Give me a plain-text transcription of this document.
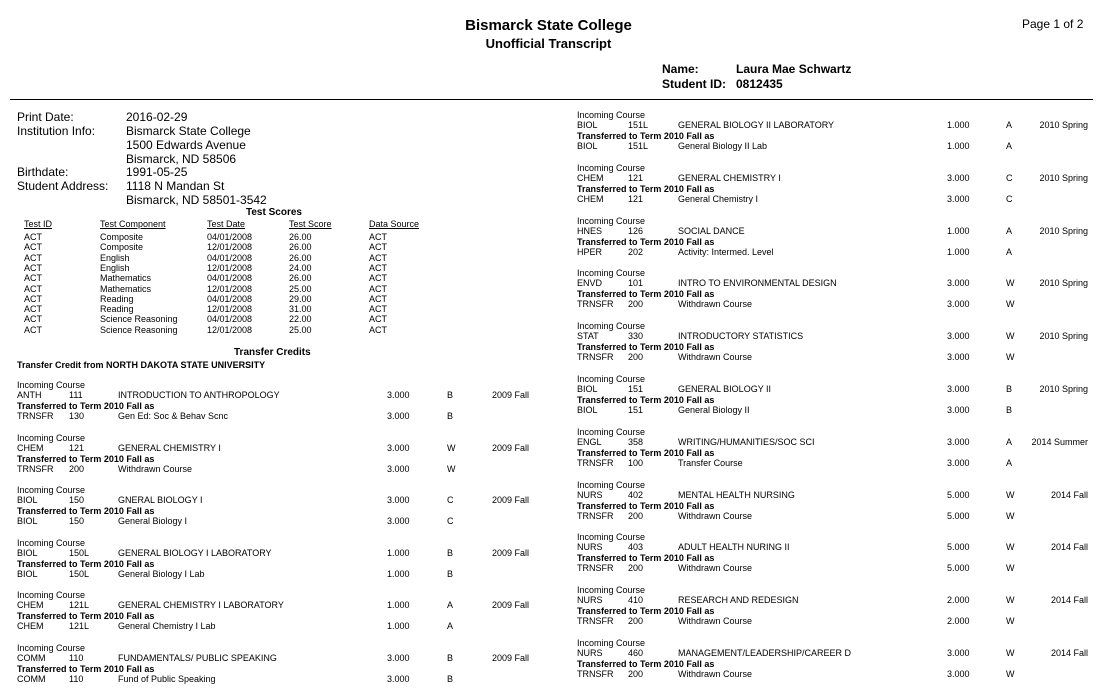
Bismarck State College
Unofficial Transcript
Page 1 of 2
Name:	Laura Mae Schwartz
Student ID: 0812435
Print Date:	2016-02-29
Institution Info:	Bismarck State College
1500 Edwards Avenue
Bismarck, ND 58506
Birthdate:	1991-05-25
Student Address: 1118 N Mandan St
Bismarck, ND 58501-3542
Test Scores
Test ID	Test Component	Test Date	Test Score	Data Source
ACT	Composite	04/01/2008	26.00	ACT
ACT	Composite	12/01/2008	26.00	ACT
ACT	English	04/01/2008	26.00	ACT
ACT	English	12/01/2008	24.00	ACT
ACT	Mathematics	04/01/2008	26.00	ACT
ACT	Mathematics	12/01/2008	25.00	ACT
ACT	Reading	04/01/2008	29.00	ACT
ACT	Reading	12/01/2008	31.00	ACT
ACT	Science Reasoning	04/01/2008	22.00	ACT
ACT	Science Reasoning	12/01/2008	25.00	ACT
Transfer Credits
Transfer Credit from NORTH DAKOTA STATE UNIVERSITY
Incoming Course
ANTH	111	INTRODUCTION TO ANTHROPOLOGY	3.000	B	2009 Fall
Transferred to Term 2010 Fall as
TRNSFR 130	Gen Ed: Soc & Behav Scnc	3.000	B
Incoming Course
CHEM	121	GENERAL CHEMISTRY I	3.000	W	2009 Fall
Transferred to Term 2010 Fall as
TRNSFR 200	Withdrawn Course	3.000	W
Incoming Course
BIOL	150	GNERAL BIOLOGY I	3.000	C	2009 Fall
Transferred to Term 2010 Fall as
BIOL	150	General Biology I	3.000	C
Incoming Course
BIOL	150L	GENERAL BIOLOGY I LABORATORY	1.000	B	2009 Fall
Transferred to Term 2010 Fall as
BIOL	150L	General Biology I Lab	1.000	B
Incoming Course
CHEM	121L	GENERAL CHEMISTRY I LABORATORY	1.000	A	2009 Fall
Transferred to Term 2010 Fall as
CHEM	121L	General Chemistry I Lab	1.000	A
Incoming Course
COMM	110	FUNDAMENTALS/ PUBLIC SPEAKING	3.000	B	2009 Fall
Transferred to Term 2010 Fall as
COMM	110	Fund of Public Speaking	3.000	B
Incoming Course
BIOL	151L	GENERAL BIOLOGY II LABORATORY	1.000	A	2010 Spring
Transferred to Term 2010 Fall as
BIOL	151L	General Biology II Lab	1.000	A
Incoming Course
CHEM	121	GENERAL CHEMISTRY I	3.000	C	2010 Spring
Transferred to Term 2010 Fall as
CHEM	121	General Chemistry I	3.000	C
Incoming Course
HNES	126	SOCIAL DANCE	1.000	A	2010 Spring
Transferred to Term 2010 Fall as
HPER	202	Activity: Intermed. Level	1.000	A
Incoming Course
ENVD	101	INTRO TO ENVIRONMENTAL DESIGN	3.000	W	2010 Spring
Transferred to Term 2010 Fall as
TRNSFR 200	Withdrawn Course	3.000	W
Incoming Course
STAT	330	INTRODUCTORY STATISTICS	3.000	W	2010 Spring
Transferred to Term 2010 Fall as
TRNSFR 200	Withdrawn Course	3.000	W
Incoming Course
BIOL	151	GENERAL BIOLOGY II	3.000	B	2010 Spring
Transferred to Term 2010 Fall as
BIOL	151	General Biology II	3.000	B
Incoming Course
ENGL	358	WRITING/HUMANITIES/SOC SCI	3.000	A 2014 Summer
Transferred to Term 2010 Fall as
TRNSFR 100	Transfer Course	3.000	A
Incoming Course
NURS	402	MENTAL HEALTH NURSING	5.000	W	2014 Fall
Transferred to Term 2010 Fall as
TRNSFR 200	Withdrawn Course	5.000	W
Incoming Course
NURS	403	ADULT HEALTH NURING II	5.000	W	2014 Fall
Transferred to Term 2010 Fall as
TRNSFR 200	Withdrawn Course	5.000	W
Incoming Course
NURS	410	RESEARCH AND REDESIGN	2.000	W	2014 Fall
Transferred to Term 2010 Fall as
TRNSFR 200	Withdrawn Course	2.000	W
Incoming Course
NURS	460	MANAGEMENT/LEADERSHIP/CAREER D	3.000	W	2014 Fall
Transferred to Term 2010 Fall as
TRNSFR 200	Withdrawn Course	3.000	W
